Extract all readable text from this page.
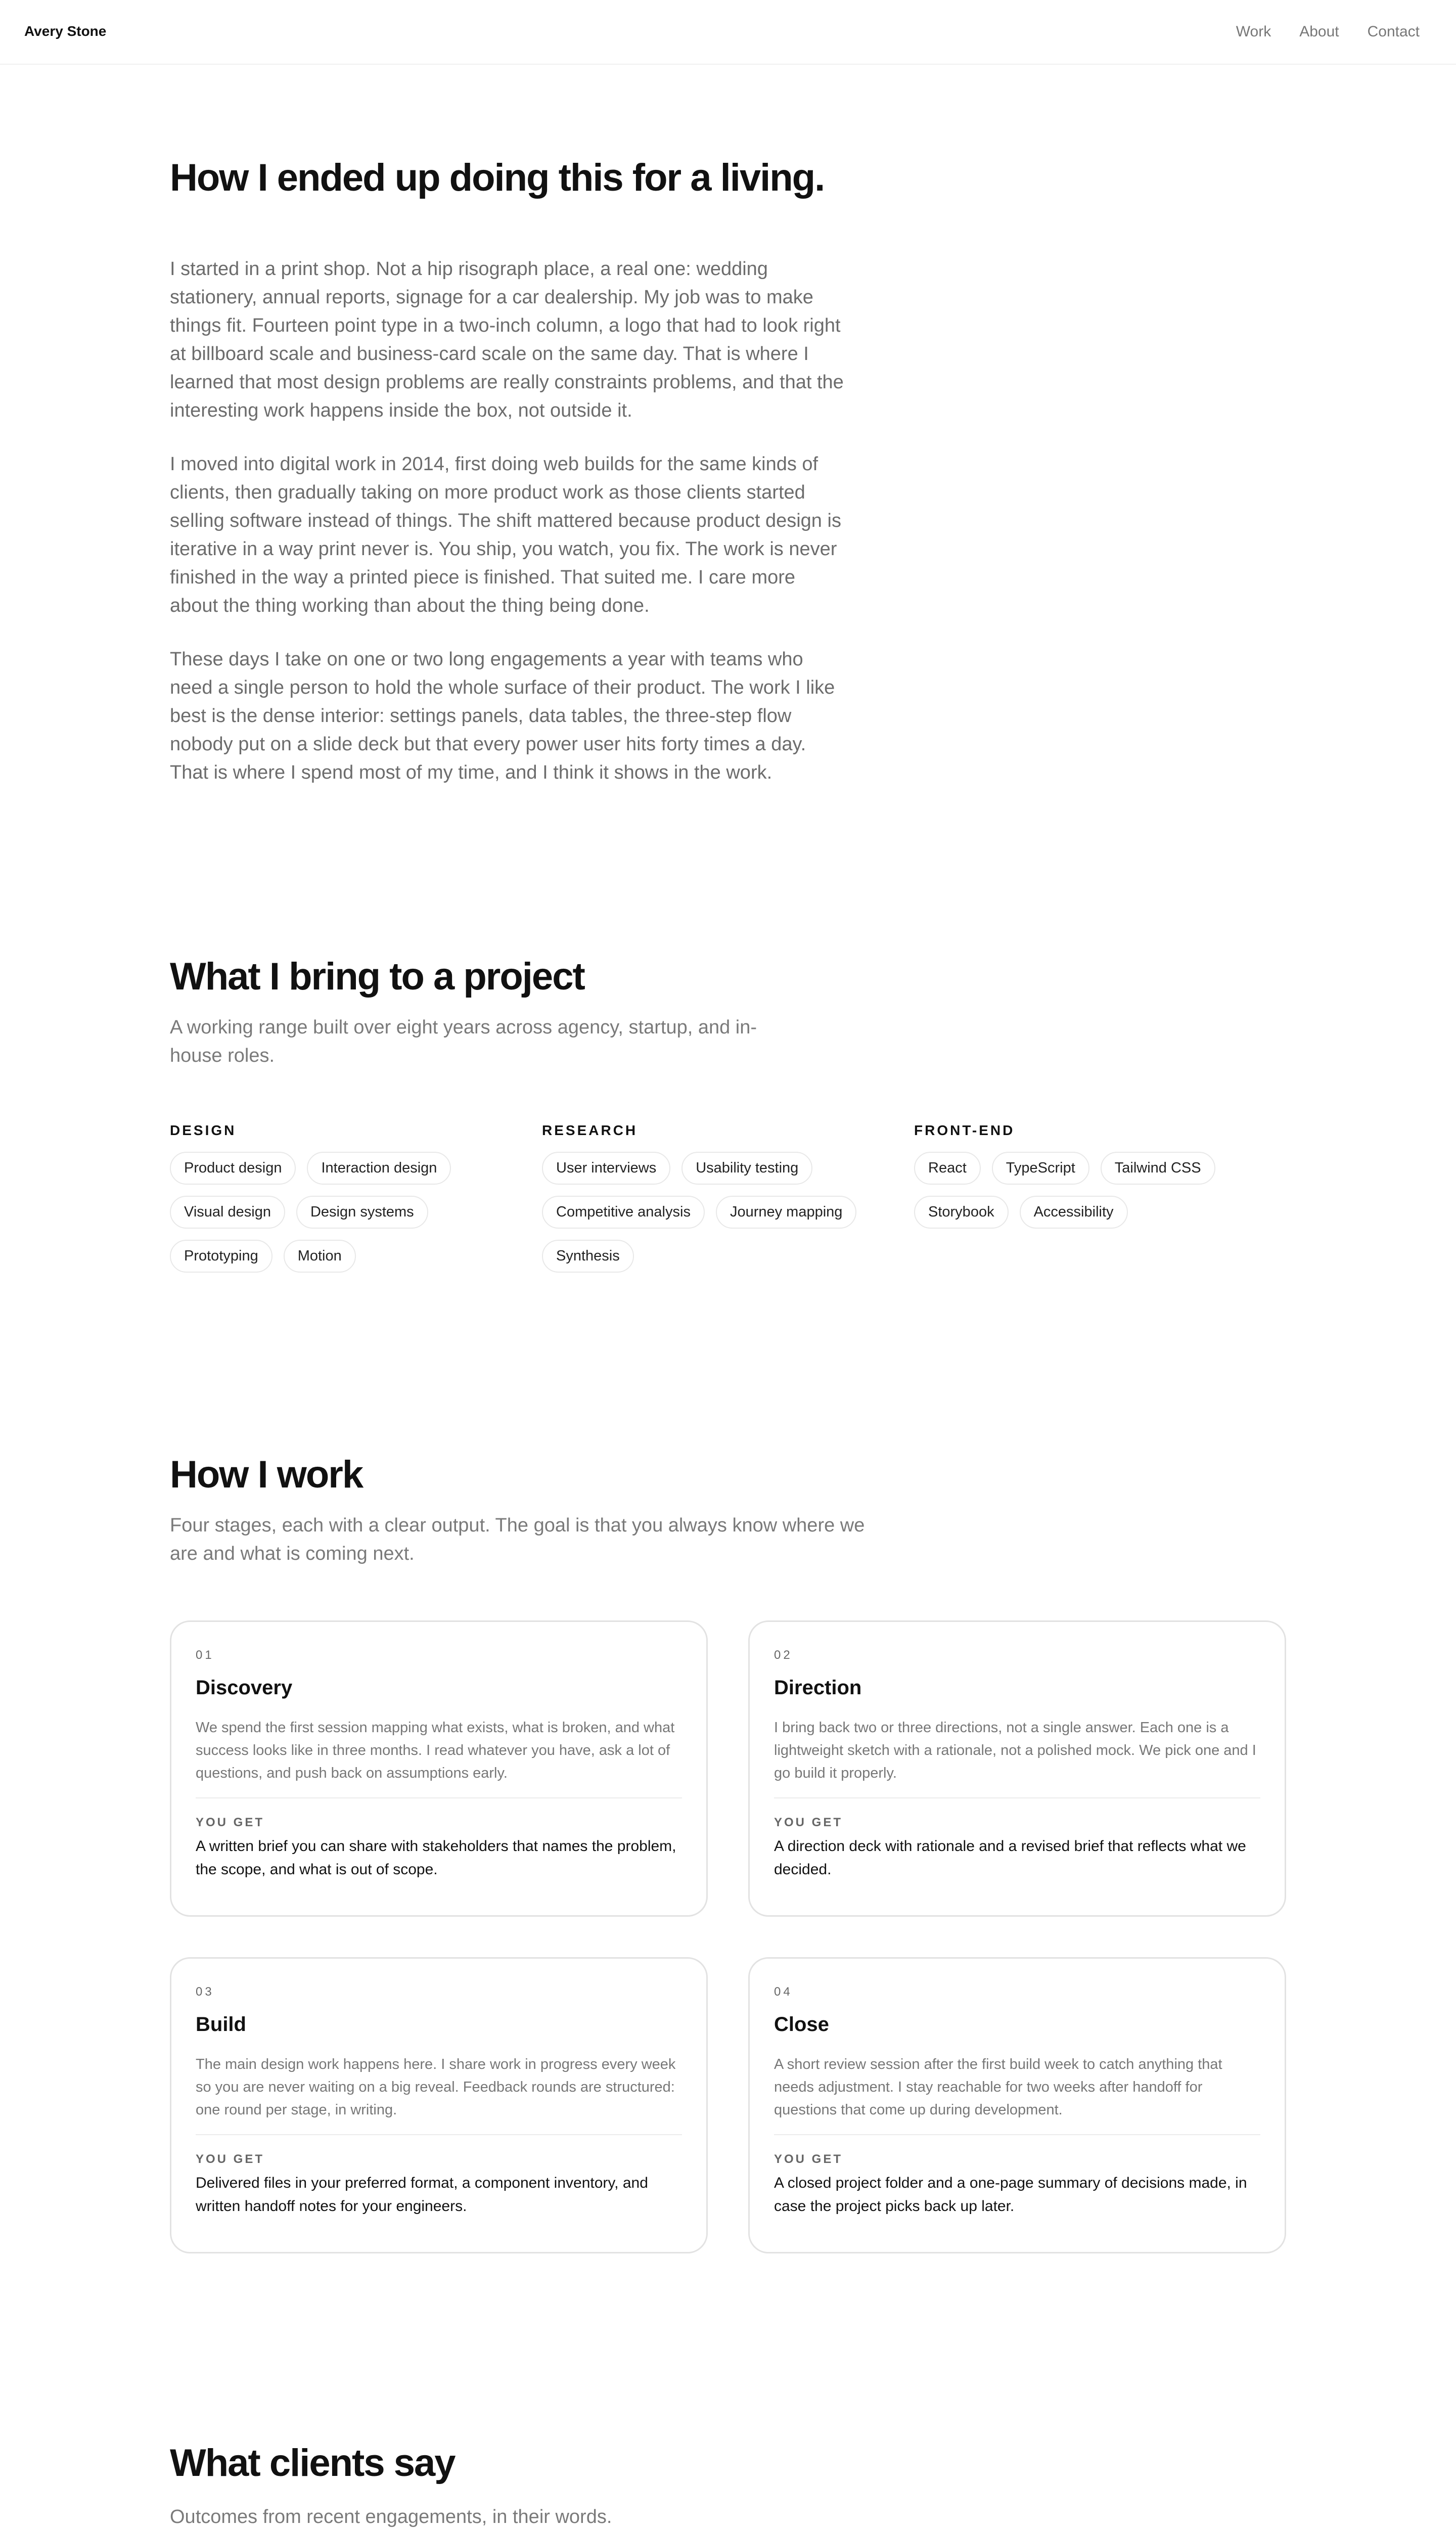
Avery Stone	Work About Contact
How I ended up doing this for a living.

I started in a print shop. Not a hip risograph place, a real one: wedding stationery, annual reports, signage for a car dealership. My job was to make things fit. Fourteen point type in a two-inch column, a logo that had to look right at billboard scale and business-card scale on the same day. That is where I learned that most design problems are really constraints problems, and that the interesting work happens inside the box, not outside it.

I moved into digital work in 2014, first doing web builds for the same kinds of clients, then gradually taking on more product work as those clients started selling software instead of things. The shift mattered because product design is iterative in a way print never is. You ship, you watch, you fix. The work is never finished in the way a printed piece is finished. That suited me. I care more about the thing working than about the thing being done.

These days I take on one or two long engagements a year with teams who need a single person to hold the whole surface of their product. The work I like best is the dense interior: settings panels, data tables, the three-step flow nobody put on a slide deck but that every power user hits forty times a day. That is where I spend most of my time, and I think it shows in the work.

What I bring to a project

A working range built over eight years across agency, startup, and in-house roles.

DESIGN
Product design	Interaction design
Visual design	Design systems
Prototyping	Motion
RESEARCH
User interviews	Usability testing
Competitive analysis	Journey mapping
Synthesis
FRONT-END
React	TypeScript	Tailwind CSS
Storybook	Accessibility
How I work

Four stages, each with a clear output. The goal is that you always know where we are and what is coming next.

01
Discovery
We spend the first session mapping what exists, what is broken, and what success looks like in three months. I read whatever you have, ask a lot of questions, and push back on assumptions early.
YOU GET
A written brief you can share with stakeholders that names the problem, the scope, and what is out of scope.
02
Direction
I bring back two or three directions, not a single answer. Each one is a lightweight sketch with a rationale, not a polished mock. We pick one and I go build it properly.
YOU GET
A direction deck with rationale and a revised brief that reflects what we decided.
03
Build
The main design work happens here. I share work in progress every week so you are never waiting on a big reveal. Feedback rounds are structured: one round per stage, in writing.
YOU GET
Delivered files in your preferred format, a component inventory, and written handoff notes for your engineers.
04
Close
A short review session after the first build week to catch anything that needs adjustment. I stay reachable for two weeks after handoff for questions that come up during development.
YOU GET
A closed project folder and a one-page summary of decisions made, in case the project picks back up later.
What clients say

Outcomes from recent engagements, in their words.
